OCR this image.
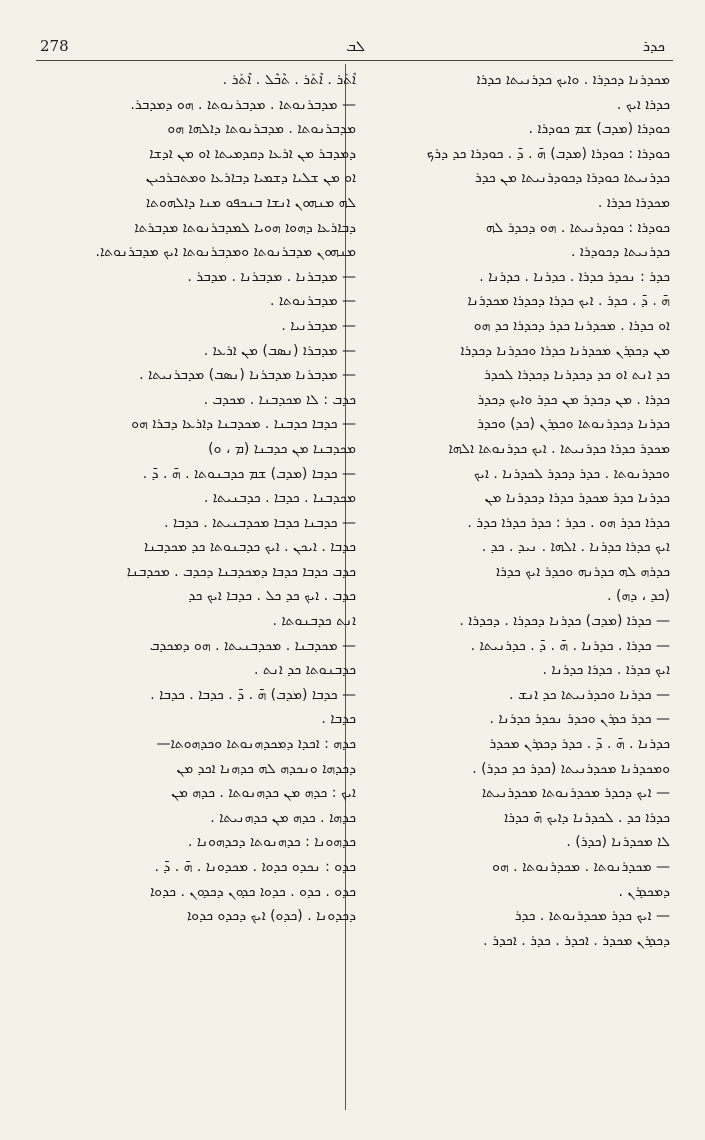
278	ܠܒ	ܟܕܪ
ܐܶܬܰܪ . ܐܶܬܰܪ . ܬܶܒܶܠ . ܐܶܬܰܪ .
— ܡܕܒܪܢܘܬܐ . ܡܕܒܪܢܘܬܐ . ܗܘ ܕܡܕܒܪ.
ܡܕܒܪܢܘܬܐ . ܡܕܒܪܢܘܬܐ ܕܐܠܗܐ ܗܘ
ܕܡܕܒܪ ܡܢ ܐܪܥܐ ܕܩܕܡܝܬܐ ܐܘ ܡܢ ܐܕܫܐ
ܐܘ ܡܢ ܫܠܝܐ ܕܫܡܝܐ ܕܒܐܪܥܐ ܘܡܬܒܪܟܝܢ
ܠܗ ܡܢܗܘܢ ܐܢܫܐ ܒܢܟܦܘ ܡܢܐ ܕܐܠܗܘܬܐ
ܕܒܐܪܥܐ ܕܗܘܐ ܗܘܝܐ ܠܡܕܒܪܢܘܬܐ ܡܕܒܪܬܐ
ܡܢܗܘܢ ܡܕܒܪܢܘܬܐ ܘܡܕܒܪܢܘܬܐ ܐܝܟ ܡܕܒܪܢܘܬܐ.
— ܡܕܒܪܢܐ . ܡܕܒܪܢܐ . ܡܕܒܪ .
— ܡܕܒܪܢܘܬܐ .
— ܡܕܒܪܢܝܐ .
— ܡܕܒܪܐ (ܢܣܒ) ܡܢ ܐܪܥܐ .
— ܡܕܒܪܢܐ ܡܕܒܪܢܐ (ܢܣܒ) ܡܕܒܪܢܝܬܐ .
ܟܕܒ : ܠܐ ܡܟܕܒܢܐ . ܡܟܕܒ .
— ܟܕܒܐ ܟܕܒܢܐ . ܡܟܕܒܢܐ ܕܐܪܥܐ ܕܒܪܐ ܗܘ
ܡܟܕܒܢܐ ܡܢ ܟܕܒܢܐ (ܡ ، ܘ)
— ܟܕܒܐ (ܡܕܒ) ܫܡ ܟܕܒܢܘܬܐ . ܗ̄ . ܕ̄ .
ܡܟܕܒܢܐ . ܟܕܒܐ . ܟܕܒܢܝܬܐ .
— ܟܕܒܢܐ ܟܕܒܐ ܡܟܕܒܢܝܬܐ . ܟܕܒܐ .
ܟܕܒܐ . ܐܝܟܢ . ܐܝܟ ܟܕܒܢܘܬܐ ܟܕ ܡܟܕܒܢܐ
ܟܕܒ ܟܕܒܐ ܟܕܒܐ ܕܡܟܕܒܢܐ ܕܟܕܒ . ܡܟܕܒܢܐ
ܟܕܒ . ܐܝܟ ܟܕ ܟܠ . ܟܕܒܐ ܐܝܟ ܟܕ
ܐܢܬ ܟܕܒܢܘܬܐ .
— ܡܟܕܒܢܐ . ܡܟܕܒܢܝܬܐ . ܗܘ ܕܡܟܕܒ
ܟܕܒܢܘܬܐ ܟܕ ܐܢܬ .
— ܟܕܒܐ (ܡܕܒ) ܗ̄ . ܕ̄ . ܟܕܒܐ . ܟܕܒܐ .
ܟܕܒܐ .
ܟܕܗ : ܐܟܕܐ ܕܡܟܕܗܢܘܬܐ ܘܟܕܗܘܬܐ—
ܕܟܕܗܐ ܘܢܟܕܗ ܠܗ ܟܕܗܢܐ ܐܟܕ ܡܢ
ܐܝܟ : ܟܕܗ ܡܢ ܟܕܗܢܘܬܐ . ܟܕܗ ܡܢ
ܟܕܗܐ . ܟܕܗ ܡܢ ܟܕܗܢܝܬܐ .
ܟܕܗܘܢܐ : ܟܕܗܢܘܬܐ ܕܟܕܗܘܢܐ .
ܟܕܘ : ܢܟܕܘ ܟܕܘܐ . ܡܟܕܘܢܐ . ܗ̄ . ܕ̄ .
ܟܕܘ . ܟܕܘ . ܟܕܘܐ ܟܕܘܢ ܕܟܕܘܢ . ܟܕܘܐ
ܕܟܕܘܢܐ . (ܟܕܘ) ܐܝܟ ܕܟܕܘ ܟܕܘܐ
ܡܟܕܪܢܐ ܕܟܕܪܐ . ܘܐܝܟ ܟܕܪܢܝܬܐ ܟܕܪܐ
ܟܕܪܐ ܐܝܟ .
ܟܘܕܪܐ (ܡܕܒ) ܫܡ ܟܘܕܪܐ .
ܟܘܕܪܐ : ܟܘܕܪܐ (ܡܕܒ) ܗ̄ . ܕ̄ . ܟܘܕܪܐ ܟܕ ܕܪܟ
ܟܕܪܢܝܬܐ ܟܘܕܪܐ ܕܟܘܕܪܢܝܬܐ ܡܢ ܟܕܪ
ܡܟܕܪܐ ܟܕܪܐ .
ܟܘܕܪܐ : ܟܘܕܪܢܝܬܐ . ܗܘ ܕܟܕܪ ܠܗ
ܟܕܪܢܝܬܐ ܕܟܘܕܪܐ .
ܟܕܪ : ܢܟܕܪ ܟܕܪܐ . ܟܕܪܢܐ . ܟܕܪܢܐ .
ܗ̄ . ܕ̄ . ܟܕܪ . ܐܝܟ ܟܕܪܐ ܕܟܕܪܐ ܡܟܕܪܢܐ
ܐܘ ܟܕܪܐ . ܡܟܕܪܢܐ ܟܕܪ ܕܟܕܪܐ ܟܕ ܗܘ
ܡܢ ܕܟܕܪܢ ܡܟܕܪܢܐ ܟܕܪܐ ܘܟܕܪܢܐ ܕܟܕܪܐ
ܟܕ ܐܢܬ ܐܘ ܟܕ ܕܟܕܪܢܐ ܕܟܕܪܐ ܠܟܕܪ
ܟܕܪܐ . ܡܢ ܕܟܕܪ ܡܢ ܟܕܪ ܘܐܝܟ ܕܟܕܪ
ܟܕܪܢܐ ܕܟܕܪܢܘܬܐ ܘܟܕܪܢ (ܟܕ) ܘܟܕܪ
ܡܟܕܪ ܟܕܪܐ ܟܕܪܢܝܬܐ . ܐܝܟ ܟܕܪܢܘܬܐ ܐܠܗܐ
ܘܟܕܪܢܘܬܐ . ܟܕܪ ܕܟܕܪ ܠܟܕܪܢܐ . ܐܝܟ
ܟܕܪܢܐ ܟܕܪ ܡܟܕܪ ܟܕܪܐ ܕܟܕܪܢܐ ܡܢ
ܟܕܪܐ ܟܕܪ ܗܘ . ܟܕܪ : ܟܕܪ ܟܕܪܐ ܟܕܪ .
ܐܝܟ ܟܕܪܐ ܟܕܪܢܐ . ܐܠܗܐ . ܢܝܕ . ܟܕ .
ܟܕܪܗ ܠܗ ܟܕܪܢܗ ܘܟܕܪ ܐܝܟ ܟܕܪܐ
(ܟܕ ، ܕܗ) .
— ܟܕܪܐ (ܡܕܒ) ܟܕܪܢܐ ܕܟܕܪܐ . ܕܟܕܪܐ .
— ܟܕܪܐ . ܟܕܪܢܐ . ܗ̄ . ܕ̄ . ܟܕܪܢܝܬܐ .
ܐܝܟ ܟܕܪܐ . ܟܕܪܐ ܟܕܪܢܐ .
— ܟܕܪܢܐ ܘܟܕܪܢܝܬܐ ܟܕ ܐܢܫ .
— ܟܕܪ ܟܕܪܢ ܘܟܕܪ ܢܟܕܪ ܟܕܪܢܐ .
ܟܕܪܢܐ . ܗ̄ . ܕ̄ . ܟܕܪ ܕܟܕܪܢ ܡܟܕܪ
ܘܡܟܕܪܢܐ ܡܟܕܪܢܝܬܐ (ܟܕܪ ܟܕ ܟܕܪ) .
— ܐܝܟ ܕܟܕܪ ܡܟܕܪܢܘܬܐ ܡܟܕܪܢܝܬܐ
ܟܕܪܐ ܟܕ . ܠܟܕܪܢܐ ܕܐܝܟ ܗ̄ ܟܕܪܐ
ܠܐ ܡܟܕܪܢܐ (ܟܕܪ) .
— ܡܟܕܪܢܘܬܐ . ܡܟܕܪܢܘܬܐ . ܗܘ
ܕܡܟܕܪܢ .
— ܐܝܟ ܟܕܪ ܡܟܕܪܢܘܬܐ . ܟܕܪ
ܕܟܕܪܢ ܡܟܕܪ . ܐܟܕܪ . ܟܕܪ . ܐܟܕܪ .
